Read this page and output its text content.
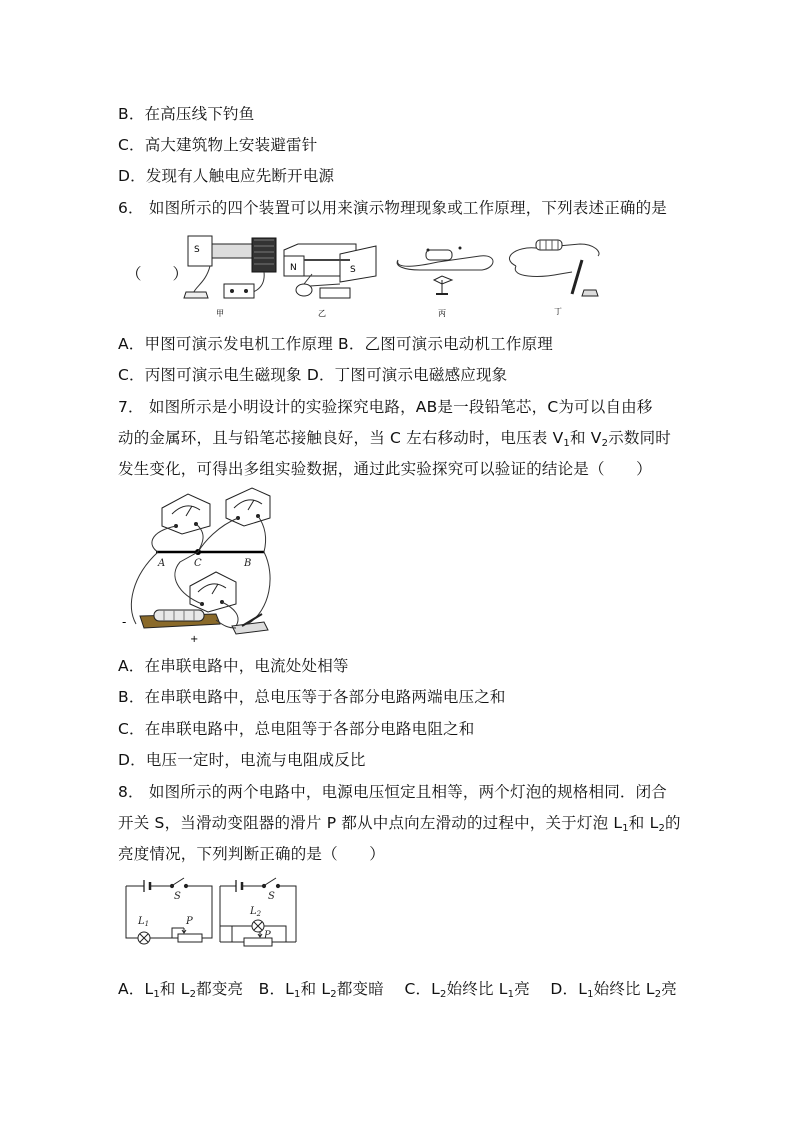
B．在高压线下钓鱼
C．高大建筑物上安装避雷针
D．发现有人触电应先断开电源
6． 如图所示的四个装置可以用来演示物理现象或工作原理，下列表述正确的是
（　　）
S
甲
N	S
乙	丙	丁
A．甲图可演示发电机工作原理 B．乙图可演示电动机工作原理
C．丙图可演示电生磁现象 D．丁图可演示电磁感应现象
7． 如图所示是小明设计的实验探究电路，AB是一段铅笔芯，C为可以自由移
动的金属环，且与铅笔芯接触良好，当 C 左右移动时，电压表 $V_1$和 $V_2$示数同时
发生变化，可得出多组实验数据，通过此实验探究可以验证的结论是（　　）
A	C	B
-
+
A．在串联电路中，电流处处相等
B．在串联电路中，总电压等于各部分电路两端电压之和
C．在串联电路中，总电阻等于各部分电路电阻之和
D．电压一定时，电流与电阻成反比
8． 如图所示的两个电路中，电源电压恒定且相等，两个灯泡的规格相同．闭合
开关 S，当滑动变阻器的滑片 P 都从中点向左滑动的过程中，关于灯泡 $L_1$和 $L_2$的
亮度情况，下列判断正确的是（　　）
S
$L_1$	P
S
$L_2$
P
A．$L_1$和 $L_2$都变亮 B．$L_1$和 $L_2$都变暗 C．$L_2$始终比 $L_1$亮 D．$L_1$始终比 $L_2$亮
